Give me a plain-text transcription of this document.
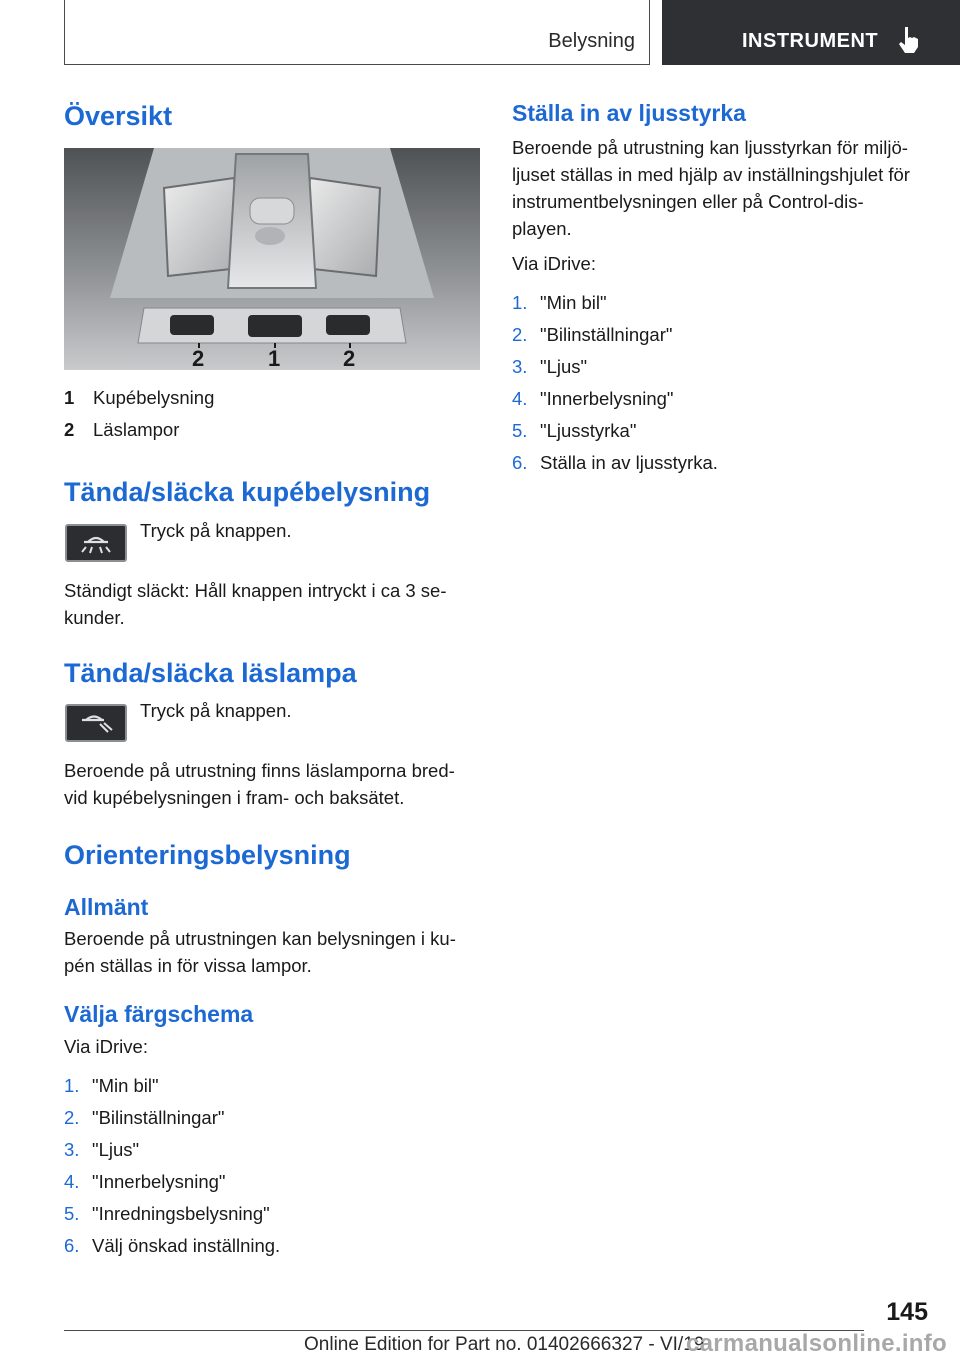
Belysning	INSTRUMENT
Översikt
2	1	2
1	Kupébelysning
2	Läslampor
Tända/släcka kupébelysning

Tryck på knappen.

Ständigt släckt: Håll knappen intryckt i ca 3 se‐ kunder.

Tända/släcka läslampa

Tryck på knappen.

Beroende på utrustning finns läslamporna bred‐ vid kupébelysningen i fram- och baksätet.

Orienteringsbelysning
Allmänt

Beroende på utrustningen kan belysningen i ku‐ pén ställas in för vissa lampor.

Välja färgschema

Via iDrive:

1. "Min bil"
2. "Bilinställningar"
3. "Ljus"
4. "Innerbelysning"
5. "Inredningsbelysning"
6. Välj önskad inställning.
Ställa in av ljusstyrka

Beroende på utrustning kan ljusstyrkan för miljö‐ ljuset ställas in med hjälp av inställningshjulet för instrumentbelysningen eller på Control-dis‐ playen.

Via iDrive:

1. "Min bil"
2. "Bilinställningar"
3. "Ljus"
4. "Innerbelysning"
5. "Ljusstyrka"
6. Ställa in av ljusstyrka.
145
Online Edition for Part no. 01402666327 - VI/19
carmanualsonline.info
